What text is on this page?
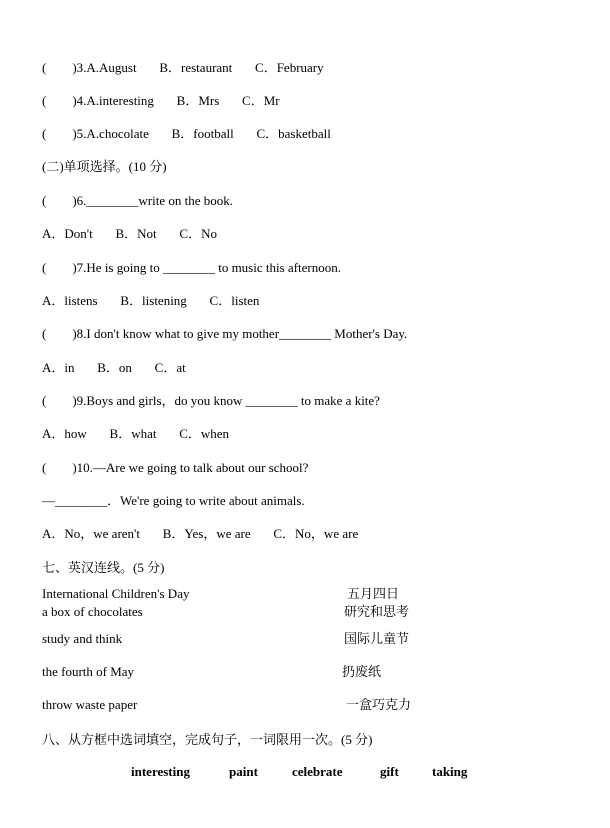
(        )3.A.August       B．restaurant       C．February
(        )4.A.interesting       B．Mrs       C．Mr
(        )5.A.chocolate       B．football       C．basketball
(二)单项选择。(10 分)
(        )6.________write on the book.
A．Don't       B．Not       C．No
(        )7.He is going to ________ to music this afternoon.
A．listens       B．listening       C．listen
(        )8.I don't know what to give my mother________ Mother's Day.
A．in       B．on       C．at
(        )9.Boys and girls，do you know ________ to make a kite?
A．how       B．what       C．when
(        )10.—Are we going to talk about our school?
—________．We're going to write about animals.
A．No，we aren't       B．Yes，we are       C．No，we are
七、英汉连线。(5 分)
International Children's Day
a box of chocolates
study and think
the fourth of May
throw waste paper
五月四日
研究和思考
国际儿童节
扔废纸
一盒巧克力
八、从方框中选词填空，完成句子，一词限用一次。(5 分)
interesting	paint	celebrate	gift	taking
